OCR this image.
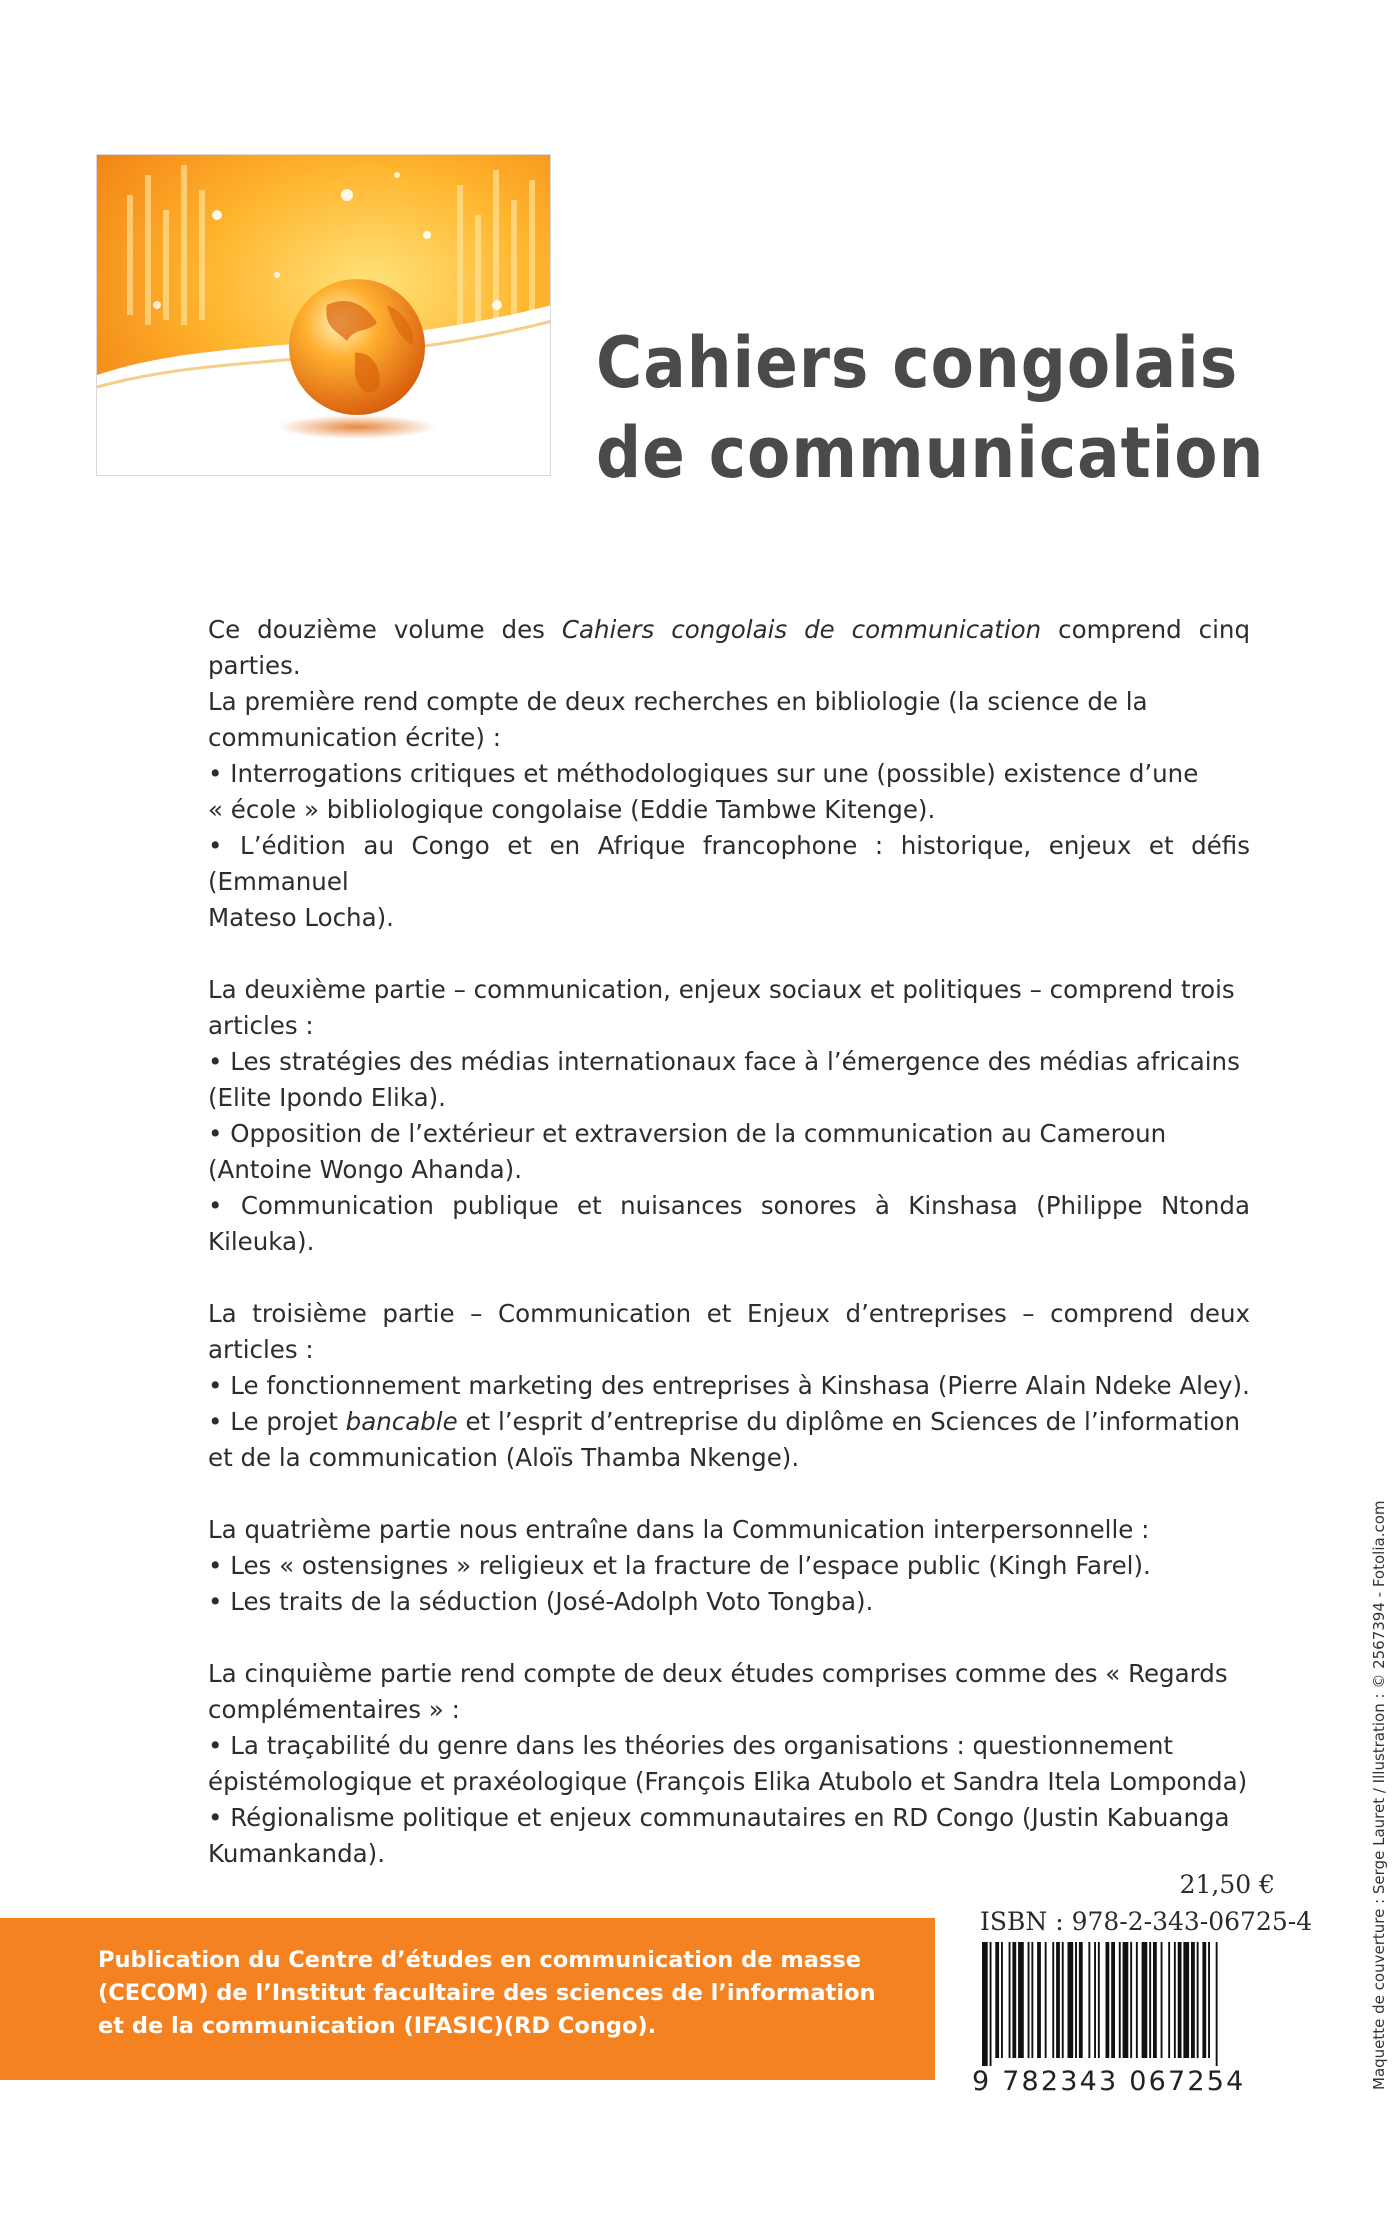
Cahiers congolais
de communication

Ce douzième volume des Cahiers congolais de communication comprend cinq parties.
La première rend compte de deux recherches en bibliologie (la science de la
communication écrite) :
• Interrogations critiques et méthodologiques sur une (possible) existence d’une
« école » bibliologique congolaise (Eddie Tambwe Kitenge).
• L’édition au Congo et en Afrique francophone : historique, enjeux et défis (Emmanuel
Mateso Locha).

La deuxième partie – communication, enjeux sociaux et politiques – comprend trois
articles :
• Les stratégies des médias internationaux face à l’émergence des médias africains
(Elite Ipondo Elika).
• Opposition de l’extérieur et extraversion de la communication au Cameroun
(Antoine Wongo Ahanda).
• Communication publique et nuisances sonores à Kinshasa (Philippe Ntonda Kileuka).

La troisième partie – Communication et Enjeux d’entreprises – comprend deux articles :
• Le fonctionnement marketing des entreprises à Kinshasa (Pierre Alain Ndeke Aley).
• Le projet bancable et l’esprit d’entreprise du diplôme en Sciences de l’information
et de la communication (Aloïs Thamba Nkenge).

La quatrième partie nous entraîne dans la Communication interpersonnelle :
• Les « ostensignes » religieux et la fracture de l’espace public (Kingh Farel).
• Les traits de la séduction (José-Adolph Voto Tongba).

La cinquième partie rend compte de deux études comprises comme des « Regards
complémentaires » :
• La traçabilité du genre dans les théories des organisations : questionnement
épistémologique et praxéologique (François Elika Atubolo et Sandra Itela Lomponda)
• Régionalisme politique et enjeux communautaires en RD Congo (Justin Kabuanga
Kumankanda).

21,50 €
ISBN : 978-2-343-06725-4
9 782343 067254
Publication du Centre d’études en communication de masse
(CECOM) de l’Institut facultaire des sciences de l’information
et de la communication (IFASIC)(RD Congo).	Maquette de couverture : Serge Lauret / Illustration : © 2567394 - Fotolia.com
